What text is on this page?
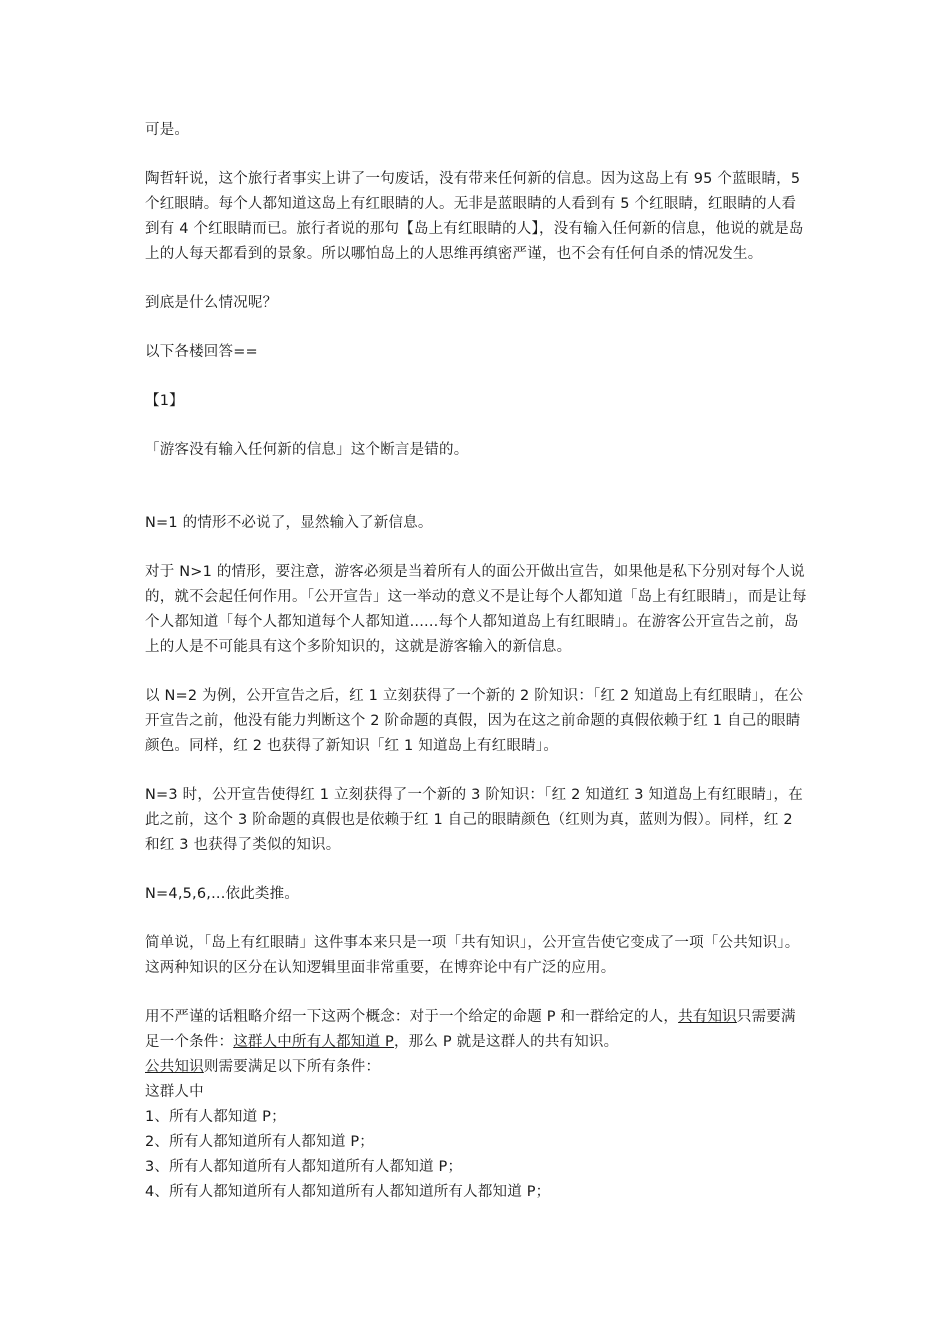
可是。

陶哲轩说，这个旅行者事实上讲了一句废话，没有带来任何新的信息。因为这岛上有 95 个蓝眼睛，5 个红眼睛。每个人都知道这岛上有红眼睛的人。无非是蓝眼睛的人看到有 5 个红眼睛，红眼睛的人看到有 4 个红眼睛而已。旅行者说的那句【岛上有红眼睛的人】，没有输入任何新的信息，他说的就是岛上的人每天都看到的景象。所以哪怕岛上的人思维再缜密严谨，也不会有任何自杀的情况发生。

到底是什么情况呢？

以下各楼回答==

【1】

「游客没有输入任何新的信息」这个断言是错的。

N=1 的情形不必说了，显然输入了新信息。

对于 N>1 的情形，要注意，游客必须是当着所有人的面公开做出宣告，如果他是私下分别对每个人说的，就不会起任何作用。「公开宣告」这一举动的意义不是让每个人都知道「岛上有红眼睛」，而是让每个人都知道「每个人都知道每个人都知道......每个人都知道岛上有红眼睛」。在游客公开宣告之前，岛上的人是不可能具有这个多阶知识的，这就是游客输入的新信息。

以 N=2 为例，公开宣告之后，红 1 立刻获得了一个新的 2 阶知识：「红 2 知道岛上有红眼睛」，在公开宣告之前，他没有能力判断这个 2 阶命题的真假，因为在这之前命题的真假依赖于红 1 自己的眼睛颜色。同样，红 2 也获得了新知识「红 1 知道岛上有红眼睛」。

N=3 时，公开宣告使得红 1 立刻获得了一个新的 3 阶知识：「红 2 知道红 3 知道岛上有红眼睛」，在此之前，这个 3 阶命题的真假也是依赖于红 1 自己的眼睛颜色（红则为真，蓝则为假）。同样，红 2 和红 3 也获得了类似的知识。

N=4,5,6,...依此类推。

简单说，「岛上有红眼睛」这件事本来只是一项「共有知识」，公开宣告使它变成了一项「公共知识」。这两种知识的区分在认知逻辑里面非常重要，在博弈论中有广泛的应用。

用不严谨的话粗略介绍一下这两个概念：对于一个给定的命题 P 和一群给定的人，共有知识只需要满足一个条件：这群人中所有人都知道 P，那么 P 就是这群人的共有知识。

公共知识则需要满足以下所有条件：

这群人中

1、所有人都知道 P；

2、所有人都知道所有人都知道 P；

3、所有人都知道所有人都知道所有人都知道 P；

4、所有人都知道所有人都知道所有人都知道所有人都知道 P；
